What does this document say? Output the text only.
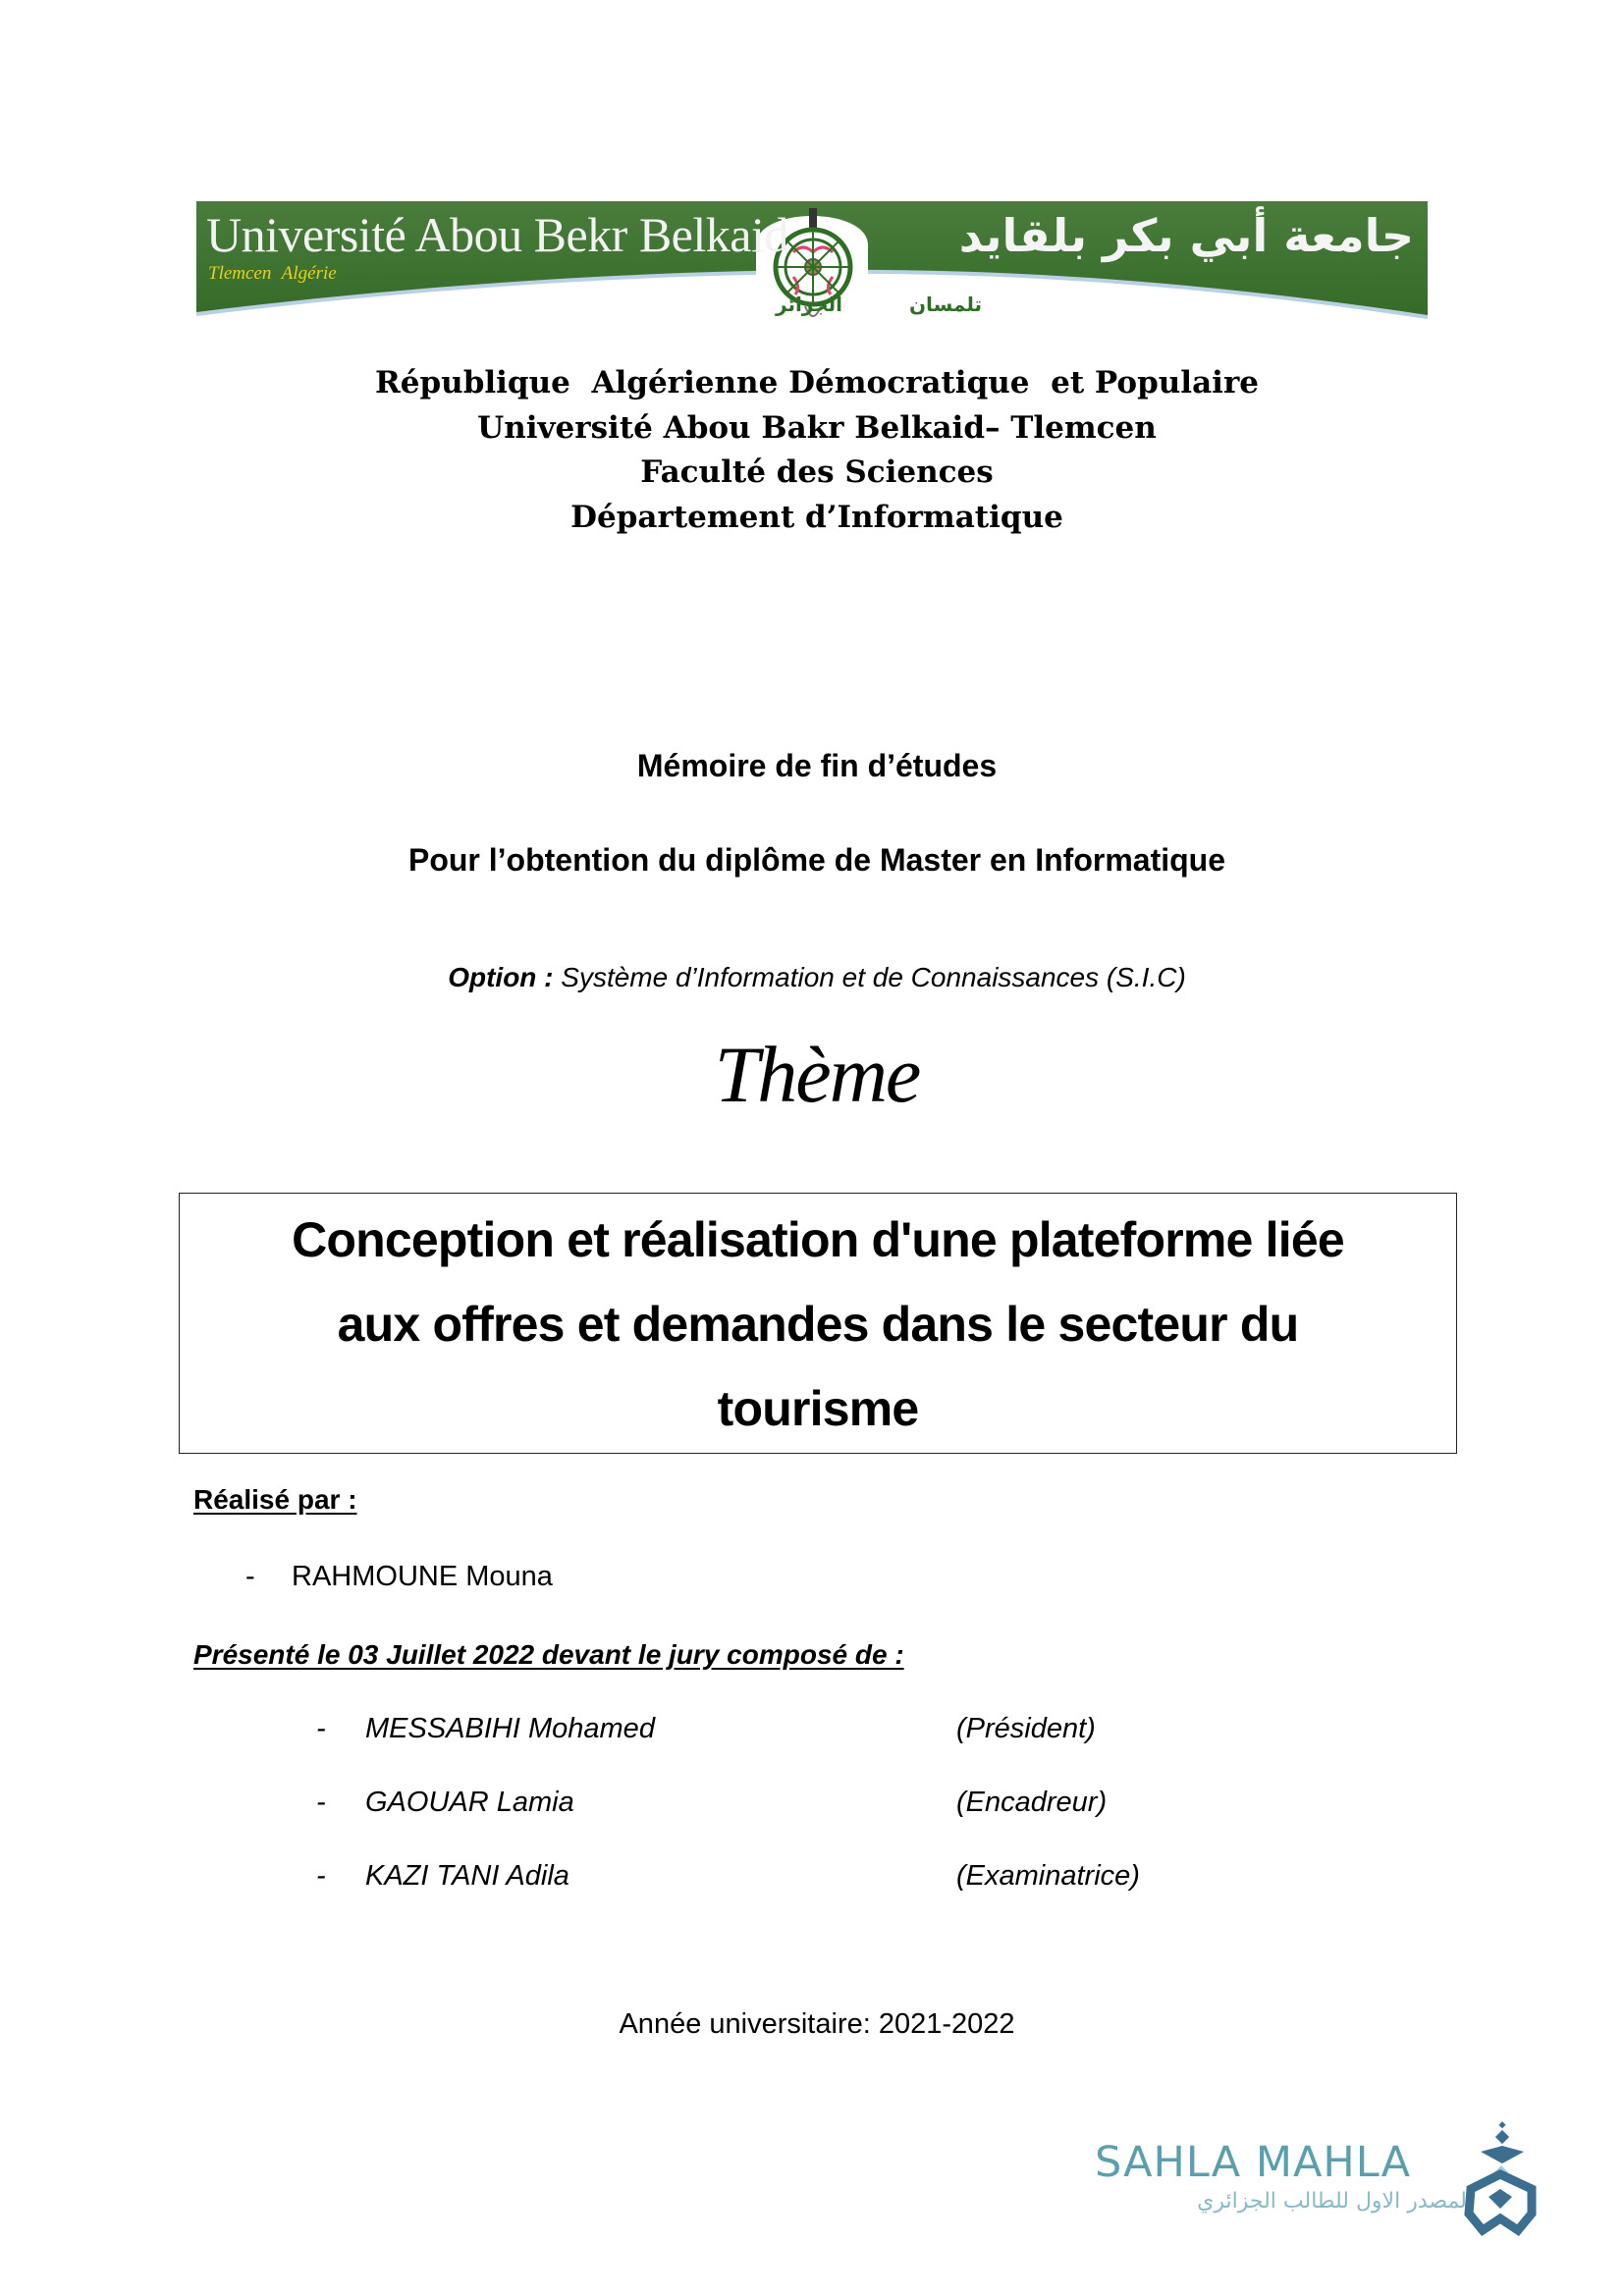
Université Abou Bekr Belkaid
Tlemcen Algérie
جامعة أبي بكر بلقايد
تلمسان
الجزائر
République  Algérienne Démocratique  et Populaire
Université Abou Bakr Belkaid– Tlemcen
Faculté des Sciences
Département d’Informatique
Mémoire de fin d’études
Pour l’obtention du diplôme de Master en Informatique
Option : Système d’Information et de Connaissances (S.I.C)
Thème
Conception et réalisation d'une plateforme liée
aux offres et demandes dans le secteur du
tourisme
Réalisé par :
- RAHMOUNE Mouna
Présenté le 03 Juillet 2022 devant le jury composé de :
- MESSABIHI Mohamed	(Président)
- GAOUAR Lamia	(Encadreur)
- KAZI TANI Adila	(Examinatrice)
Année universitaire: 2021-2022
SAHLA MAHLA
المصدر الاول للطالب الجزائري
